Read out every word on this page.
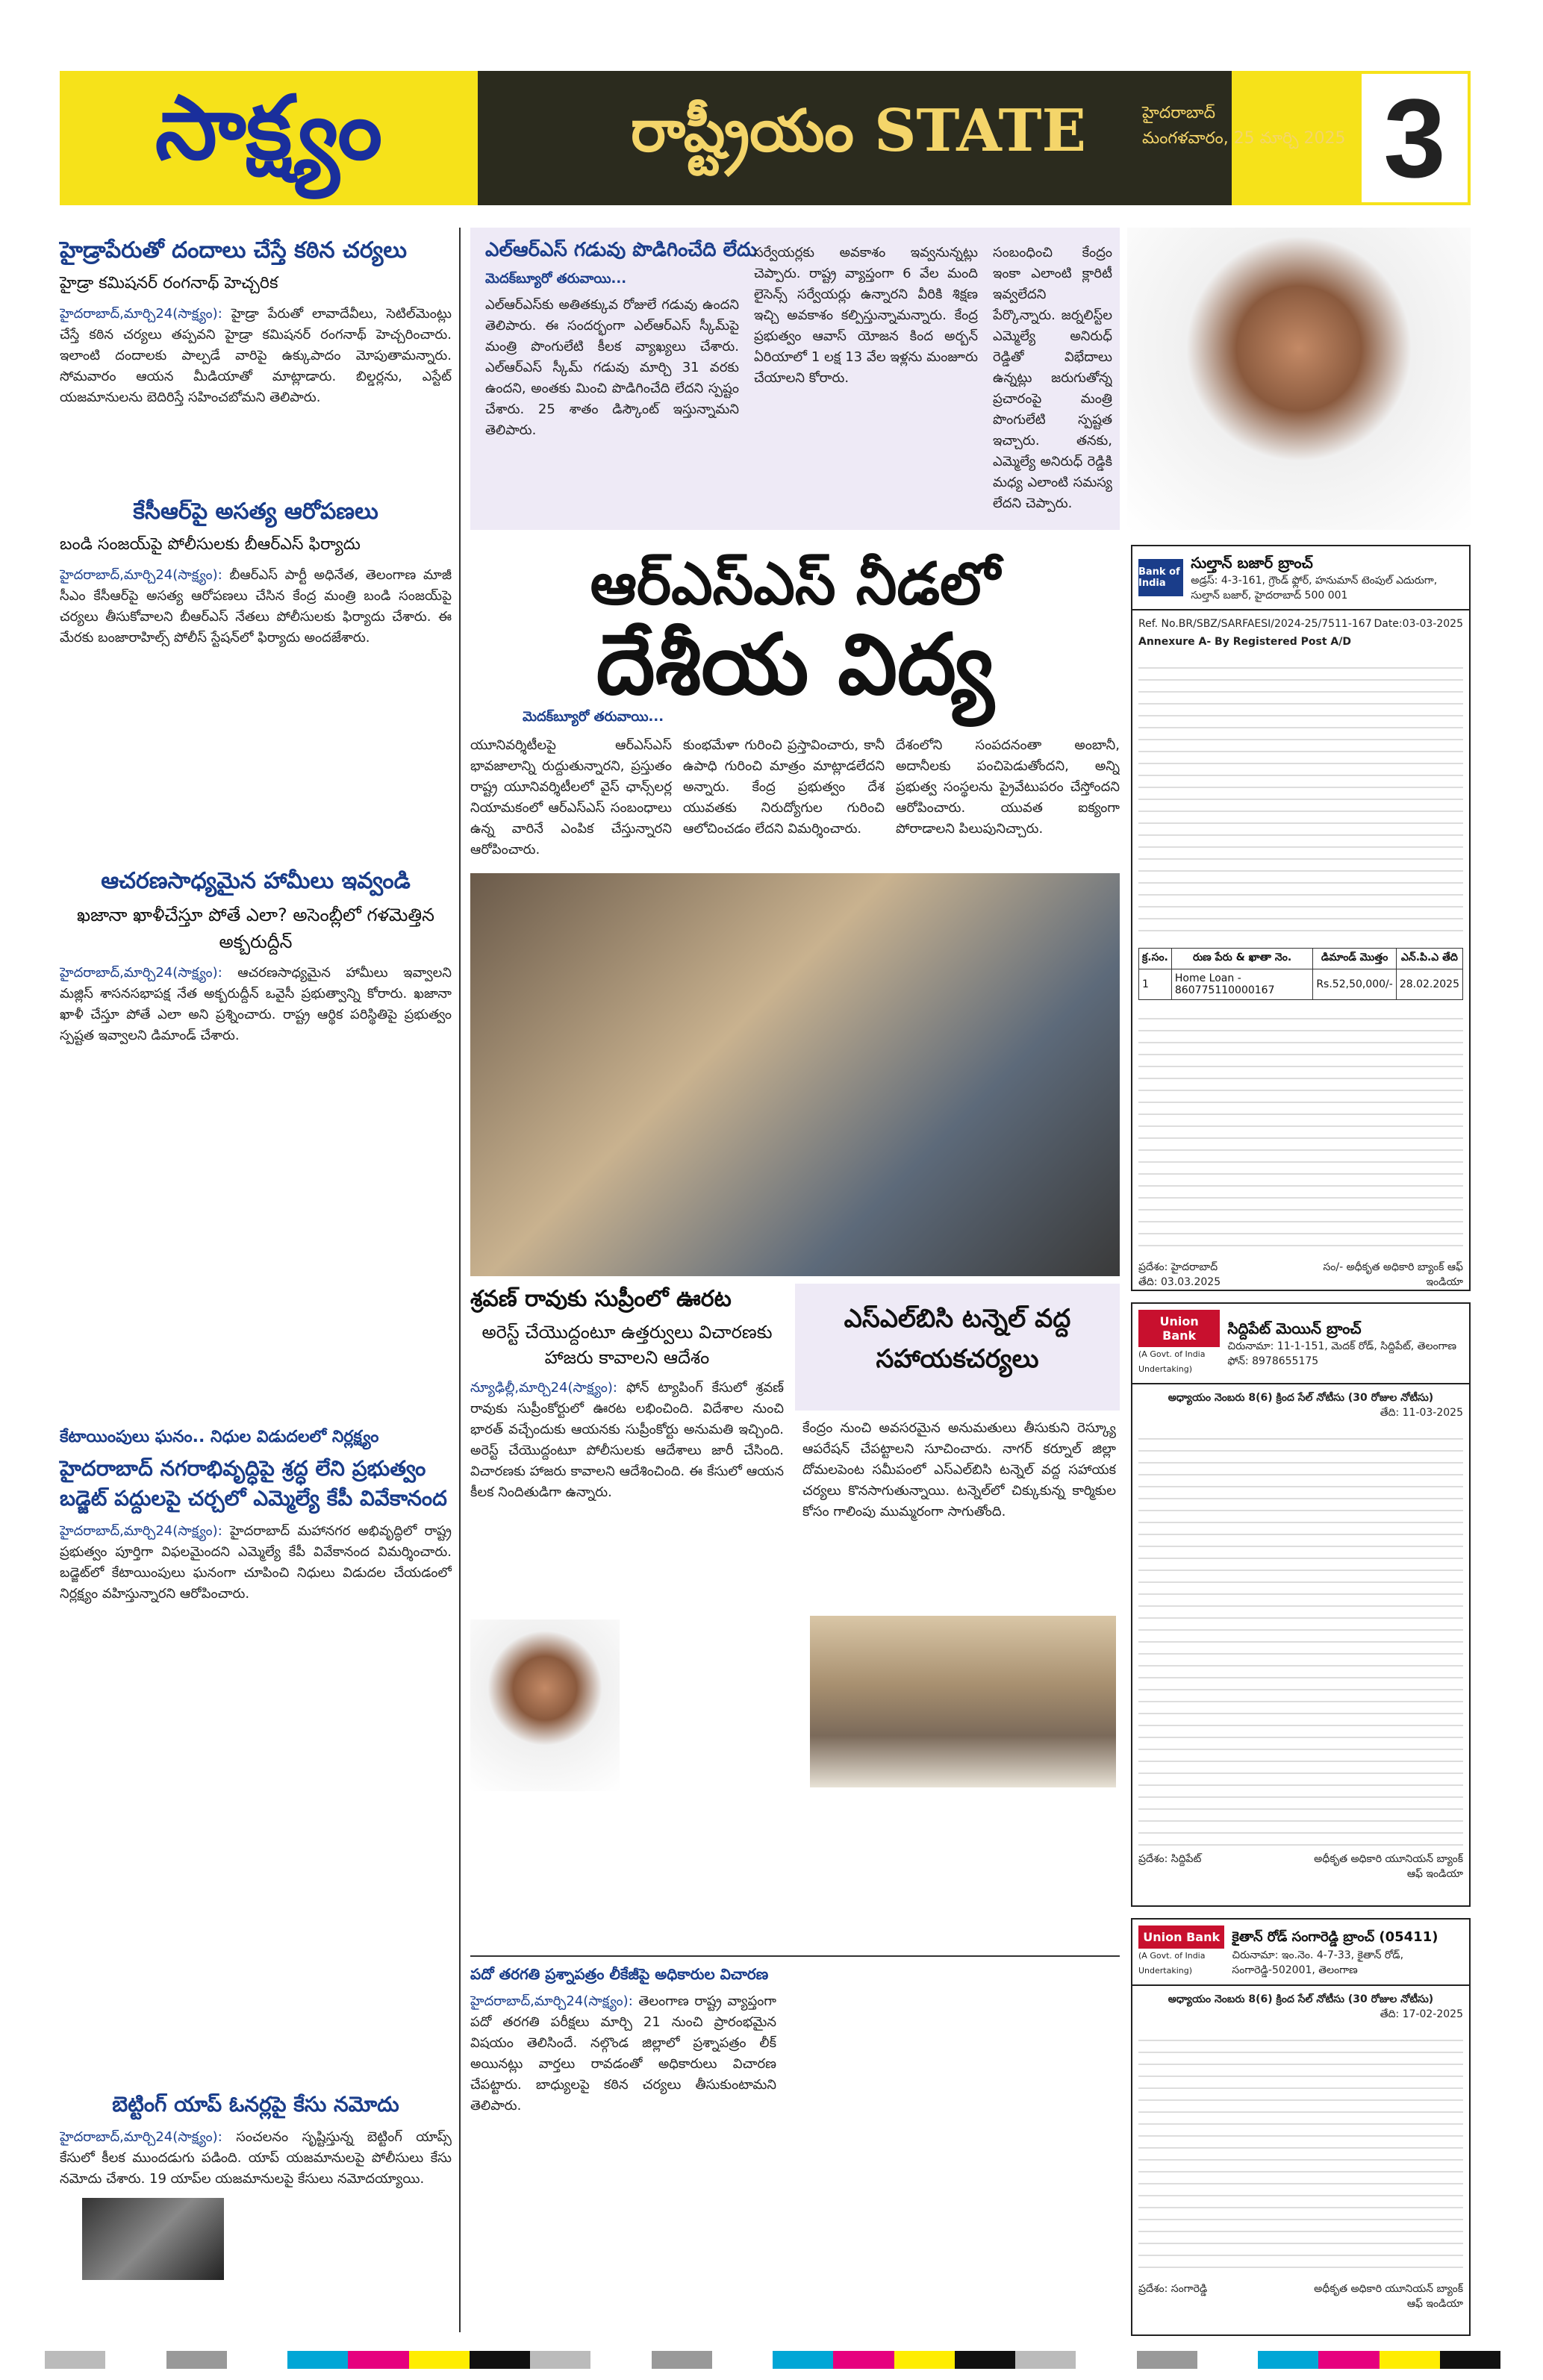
సాక్ష్యం	రాష్ట్రీయం STATE	హైదరాబాద్
మంగళవారం, 25 మార్చి 2025 3
హైడ్రాపేరుతో దందాలు చేస్తే కఠిన చర్యలు
హైడ్రా కమిషనర్ రంగనాథ్ హెచ్చరిక
హైదరాబాద్,మార్చి24(సాక్ష్యం): హైడ్రా పేరుతో లావాదేవీలు, సెటిల్‌మెంట్లు చేస్తే కఠిన చర్యలు తప్పవని హైడ్రా కమిషనర్ రంగనాథ్ హెచ్చరించారు. ఇలాంటి దందాలకు పాల్పడే వారిపై ఉక్కుపాదం మోపుతామన్నారు. సోమవారం ఆయన మీడియాతో మాట్లాడారు. బిల్డర్లను, ఎస్టేట్ యజమానులను బెదిరిస్తే సహించబోమని తెలిపారు.
కేసీఆర్‌పై అసత్య ఆరోపణలు
బండి సంజయ్‌పై పోలీసులకు బీఆర్ఎస్ ఫిర్యాదు
హైదరాబాద్,మార్చి24(సాక్ష్యం): బీఆర్ఎస్ పార్టీ అధినేత, తెలంగాణ మాజీ సీఎం కేసీఆర్‌పై అసత్య ఆరోపణలు చేసిన కేంద్ర మంత్రి బండి సంజయ్‌పై చర్యలు తీసుకోవాలని బీఆర్ఎస్ నేతలు పోలీసులకు ఫిర్యాదు చేశారు. ఈ మేరకు బంజారాహిల్స్ పోలీస్ స్టేషన్‌లో ఫిర్యాదు అందజేశారు.
ఆచరణసాధ్యమైన హామీలు ఇవ్వండి
ఖజానా ఖాళీచేస్తూ పోతే ఎలా? అసెంబ్లీలో గళమెత్తిన అక్బరుద్దీన్
హైదరాబాద్,మార్చి24(సాక్ష్యం): ఆచరణసాధ్యమైన హామీలు ఇవ్వాలని మజ్లిస్ శాసనసభాపక్ష నేత అక్బరుద్దీన్ ఒవైసీ ప్రభుత్వాన్ని కోరారు. ఖజానా ఖాళీ చేస్తూ పోతే ఎలా అని ప్రశ్నించారు. రాష్ట్ర ఆర్థిక పరిస్థితిపై ప్రభుత్వం స్పష్టత ఇవ్వాలని డిమాండ్ చేశారు.
కేటాయింపులు ఘనం.. నిధుల విడుదలలో నిర్లక్ష్యం
హైదరాబాద్ నగరాభివృద్ధిపై శ్రద్ధ లేని ప్రభుత్వం బడ్జెట్ పద్దులపై చర్చలో ఎమ్మెల్యే కేపీ వివేకానంద
హైదరాబాద్,మార్చి24(సాక్ష్యం): హైదరాబాద్ మహానగర అభివృద్ధిలో రాష్ట్ర ప్రభుత్వం పూర్తిగా విఫలమైందని ఎమ్మెల్యే కేపీ వివేకానంద విమర్శించారు. బడ్జెట్‌లో కేటాయింపులు ఘనంగా చూపించి నిధులు విడుదల చేయడంలో నిర్లక్ష్యం వహిస్తున్నారని ఆరోపించారు.
బెట్టింగ్ యాప్ ఓనర్లపై కేసు నమోదు
హైదరాబాద్,మార్చి24(సాక్ష్యం): సంచలనం సృష్టిస్తున్న బెట్టింగ్ యాప్స్ కేసులో కీలక ముందడుగు పడింది. యాప్ యజమానులపై పోలీసులు కేసు నమోదు చేశారు. 19 యాప్‌ల యజమానులపై కేసులు నమోదయ్యాయి.
ఎల్ఆర్ఎస్ గడువు పొడిగించేది లేదు
మెదక్‌బ్యూరో తరువాయి...
ఎల్ఆర్ఎస్‌కు అతితక్కువ రోజులే గడువు ఉందని తెలిపారు. ఈ సందర్భంగా ఎల్ఆర్ఎస్ స్కీమ్‌పై మంత్రి పొంగులేటి కీలక వ్యాఖ్యలు చేశారు. ఎల్ఆర్ఎస్ స్కీమ్ గడువు మార్చి 31 వరకు ఉందని, అంతకు మించి పొడిగించేది లేదని స్పష్టం చేశారు. 25 శాతం డిస్కౌంట్ ఇస్తున్నామని తెలిపారు.
సర్వేయర్లకు అవకాశం ఇవ్వనున్నట్లు చెప్పారు. రాష్ట్ర వ్యాప్తంగా 6 వేల మంది లైసెన్స్ సర్వేయర్లు ఉన్నారని వీరికి శిక్షణ ఇచ్చి అవకాశం కల్పిస్తున్నామన్నారు. కేంద్ర ప్రభుత్వం ఆవాస్ యోజన కింద అర్బన్ ఏరియాలో 1 లక్ష 13 వేల ఇళ్లను మంజూరు చేయాలని కోరారు.
సంబంధించి కేంద్రం ఇంకా ఎలాంటి క్లారిటీ ఇవ్వలేదని పేర్కొన్నారు. జర్నలిస్ట్‌ల ఎమ్మెల్యే అనిరుధ్ రెడ్డితో విభేదాలు ఉన్నట్లు జరుగుతోన్న ప్రచారంపై మంత్రి పొంగులేటి స్పష్టత ఇచ్చారు. తనకు, ఎమ్మెల్యే అనిరుధ్ రెడ్డికి మధ్య ఎలాంటి సమస్య లేదని చెప్పారు.
ఆర్ఎస్ఎస్ నీడలో
దేశీయ విద్య
మెదక్‌బ్యూరో తరువాయి...
యూనివర్శిటీలపై ఆర్ఎస్ఎస్ భావజాలాన్ని రుద్దుతున్నారని, ప్రస్తుతం రాష్ట్ర యూనివర్శిటీలలో వైస్ ఛాన్స్‌లర్ల నియామకంలో ఆర్ఎస్ఎస్ సంబంధాలు ఉన్న వారినే ఎంపిక చేస్తున్నారని ఆరోపించారు.
కుంభమేళా గురించి ప్రస్తావించారు, కానీ ఉపాధి గురించి మాత్రం మాట్లాడలేదని అన్నారు. కేంద్ర ప్రభుత్వం దేశ యువతకు నిరుద్యోగుల గురించి ఆలోచించడం లేదని విమర్శించారు.
దేశంలోని సంపదనంతా అంబానీ, అదానీలకు పంచిపెడుతోందని, అన్ని ప్రభుత్వ సంస్థలను ప్రైవేటుపరం చేస్తోందని ఆరోపించారు. యువత ఐక్యంగా పోరాడాలని పిలుపునిచ్చారు.
శ్రవణ్ రావుకు సుప్రీంలో ఊరట
అరెస్ట్ చేయొద్దంటూ ఉత్తర్వులు విచారణకు హాజరు కావాలని ఆదేశం
న్యూఢిల్లీ,మార్చి24(సాక్ష్యం): ఫోన్ ట్యాపింగ్ కేసులో శ్రవణ్ రావుకు సుప్రీంకోర్టులో ఊరట లభించింది. విదేశాల నుంచి భారత్ వచ్చేందుకు ఆయనకు సుప్రీంకోర్టు అనుమతి ఇచ్చింది. అరెస్ట్ చేయొద్దంటూ పోలీసులకు ఆదేశాలు జారీ చేసింది. విచారణకు హాజరు కావాలని ఆదేశించింది. ఈ కేసులో ఆయన కీలక నిందితుడిగా ఉన్నారు.
ఎస్ఎల్‌బిసి టన్నెల్ వద్ద సహాయకచర్యలు
కేంద్రం నుంచి అవసరమైన అనుమతులు తీసుకుని రెస్క్యూ ఆపరేషన్ చేపట్టాలని సూచించారు. నాగర్ కర్నూల్ జిల్లా దోమలపెంట సమీపంలో ఎస్ఎల్‌బిసి టన్నెల్ వద్ద సహాయక చర్యలు కొనసాగుతున్నాయి. టన్నెల్‌లో చిక్కుకున్న కార్మికుల కోసం గాలింపు ముమ్మరంగా సాగుతోంది.
పదో తరగతి ప్రశ్నాపత్రం లీకేజీపై అధికారుల విచారణ
హైదరాబాద్,మార్చి24(సాక్ష్యం): తెలంగాణ రాష్ట్ర వ్యాప్తంగా పదో తరగతి పరీక్షలు మార్చి 21 నుంచి ప్రారంభమైన విషయం తెలిసిందే. నల్గొండ జిల్లాలో ప్రశ్నాపత్రం లీక్ అయినట్లు వార్తలు రావడంతో అధికారులు విచారణ చేపట్టారు. బాధ్యులపై కఠిన చర్యలు తీసుకుంటామని తెలిపారు.
Bank of India
సుల్తాన్ బజార్ బ్రాంచ్
అడ్రస్: 4-3-161, గ్రౌండ్ ఫ్లోర్, హనుమాన్ టెంపుల్ ఎదురుగా, సుల్తాన్ బజార్, హైదరాబాద్ 500 001
Ref. No.BR/SBZ/SARFAESI/2024-25/7511-167 Date:03-03-2025
Annexure A- By Registered Post A/D
క్ర.సం.	రుణ పేరు & ఖాతా నెం.	డిమాండ్ మొత్తం	ఎన్.పి.ఎ తేది
1	Home Loan - 860775110000167	Rs.52,50,000/-	28.02.2025
ప్రదేశం: హైదరాబాద్
తేది: 03.03.2025
సం/- అధీకృత అధికారి బ్యాంక్ ఆఫ్ ఇండియా
Union Bank
(A Govt. of India Undertaking)
సిద్దిపేట్ మెయిన్ బ్రాంచ్
చిరునామా: 11-1-151, మెదక్ రోడ్, సిద్దిపేట్, తెలంగాణ ఫోన్: 8978655175
అధ్యాయం నెంబరు 8(6) క్రింద సేల్ నోటీసు (30 రోజుల నోటీసు)
తేది: 11-03-2025
ప్రదేశం: సిద్దిపేట్	అధీకృత అధికారి యూనియన్ బ్యాంక్ ఆఫ్ ఇండియా
Union Bank
(A Govt. of India Undertaking)
కైతాన్ రోడ్ సంగారెడ్డి బ్రాంచ్ (05411)
చిరునామా: ఇం.నెం. 4-7-33, కైతాన్ రోడ్, సంగారెడ్డి-502001, తెలంగాణ
అధ్యాయం నెంబరు 8(6) క్రింద సేల్ నోటీసు (30 రోజుల నోటీసు)
తేది: 17-02-2025
ప్రదేశం: సంగారెడ్డి	అధీకృత అధికారి యూనియన్ బ్యాంక్ ఆఫ్ ఇండియా
